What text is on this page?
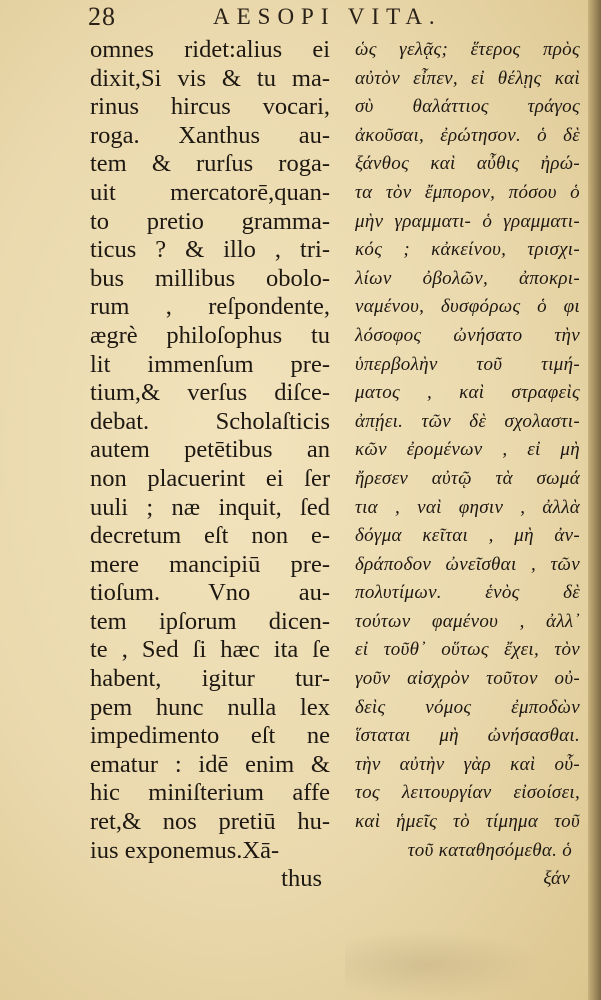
28	AESOPI VITA.
omnes ridet:alius ei
dixit,Si vis & tu ma-
rinus hircus vocari,
roga. Xanthus au-
tem & rurſus roga-
uit mercatorē,quan-
to pretio gramma-
ticus ? & illo , tri-
bus millibus obolo-
rum , reſpondente,
ægrè philoſophus tu
lit immenſum pre-
tium,& verſus diſce-
debat. Scholaſticis
autem petētibus an
non placuerint ei ſer
uuli ; næ inquit, ſed
decretum eſt non e-
mere mancipiū pre-
tioſum. Vno au-
tem ipſorum dicen-
te , Sed ſi hæc ita ſe
habent, igitur tur-
pem hunc nulla lex
impedimento eſt ne
ematur : idē enim &
hic miniſterium affe
ret,& nos pretiū hu-
ius exponemus.Xā-
thus
ὡς γελᾷς; ἕτερος πρὸς
αὐτὸν εἶπεν, εἰ θέλῃς καὶ
σὺ θαλάττιος τράγος
ἀκοῦσαι, ἐρώτησον. ὁ δὲ
ξάνθος καὶ αὖθις ἠρώ-
τα τὸν ἔμπορον, πόσου ὁ
μὴν γραμματι- ὁ γραμματι-
κός ; κἀκείνου, τρισχι-
λίων ὀβολῶν, ἀποκρι-
ναμένου, δυσφόρως ὁ φι
λόσοφος ὠνήσατο τὴν
ὑπερβολὴν τοῦ τιμή-
ματος , καὶ στραφεὶς
ἀπῄει. τῶν δὲ σχολαστι-
κῶν ἐρομένων , εἰ μὴ
ἤρεσεν αὐτῷ τὰ σωμά
τια , ναὶ φησιν , ἀλλὰ
δόγμα κεῖται , μὴ ἀν-
δράποδον ὠνεῖσθαι , τῶν
πολυτίμων. ἑνὸς δὲ
τούτων φαμένου , ἀλλ᾽
εἰ τοῦθ᾽ οὕτως ἔχει, τὸν
γοῦν αἰσχρὸν τοῦτον οὐ-
δεὶς νόμος ἐμποδὼν
ἵσταται μὴ ὠνήσασθαι.
τὴν αὐτὴν γὰρ καὶ οὗ-
τος λειτουργίαν εἰσοίσει,
καὶ ἡμεῖς τὸ τίμημα τοῦ
τοῦ καταθησόμεθα. ὁ
ξάν
